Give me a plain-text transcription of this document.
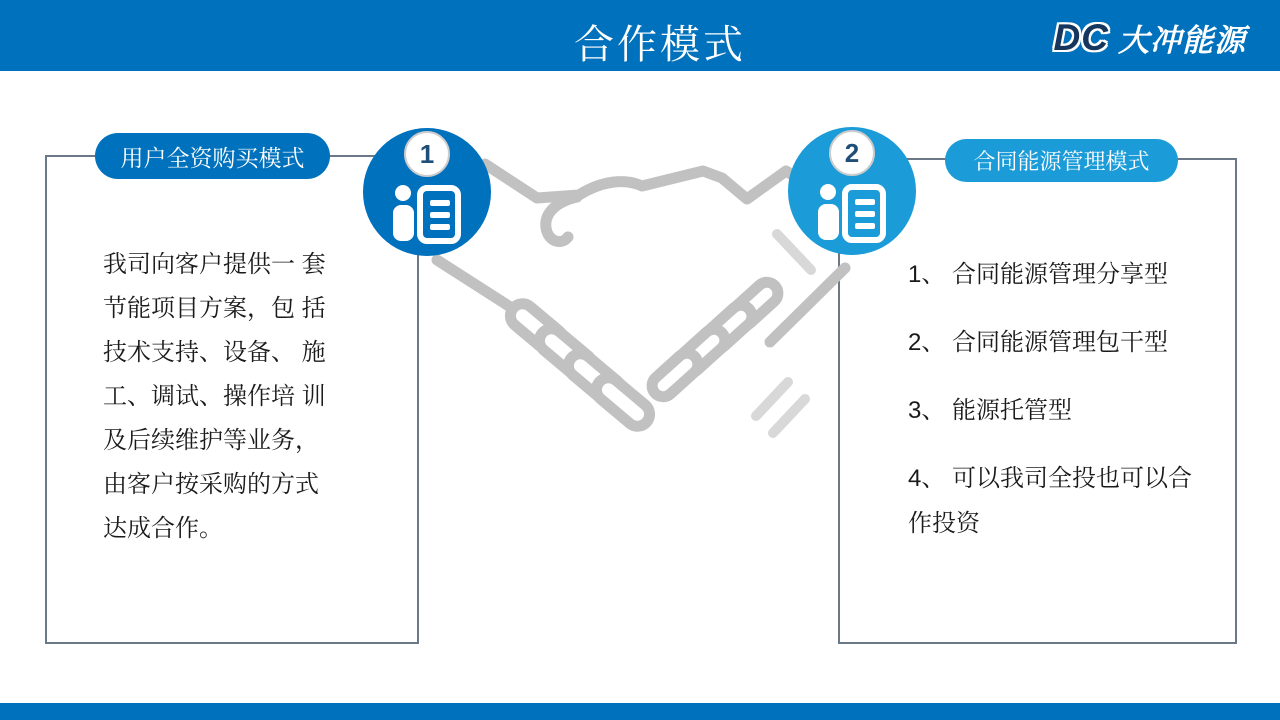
合作模式	DC 大冲能源
用户全资购买模式
我司向客户提供一 套
节能项目方案，包 括
技术支持、设备、 施
工、调试、操作培 训
及后续维护等业务，
由客户按采购的方式
达成合作。
合同能源管理模式
1、 合同能源管理分享型
2、 合同能源管理包干型
3、 能源托管型
4、 可以我司全投也可以合作投资
1	2
